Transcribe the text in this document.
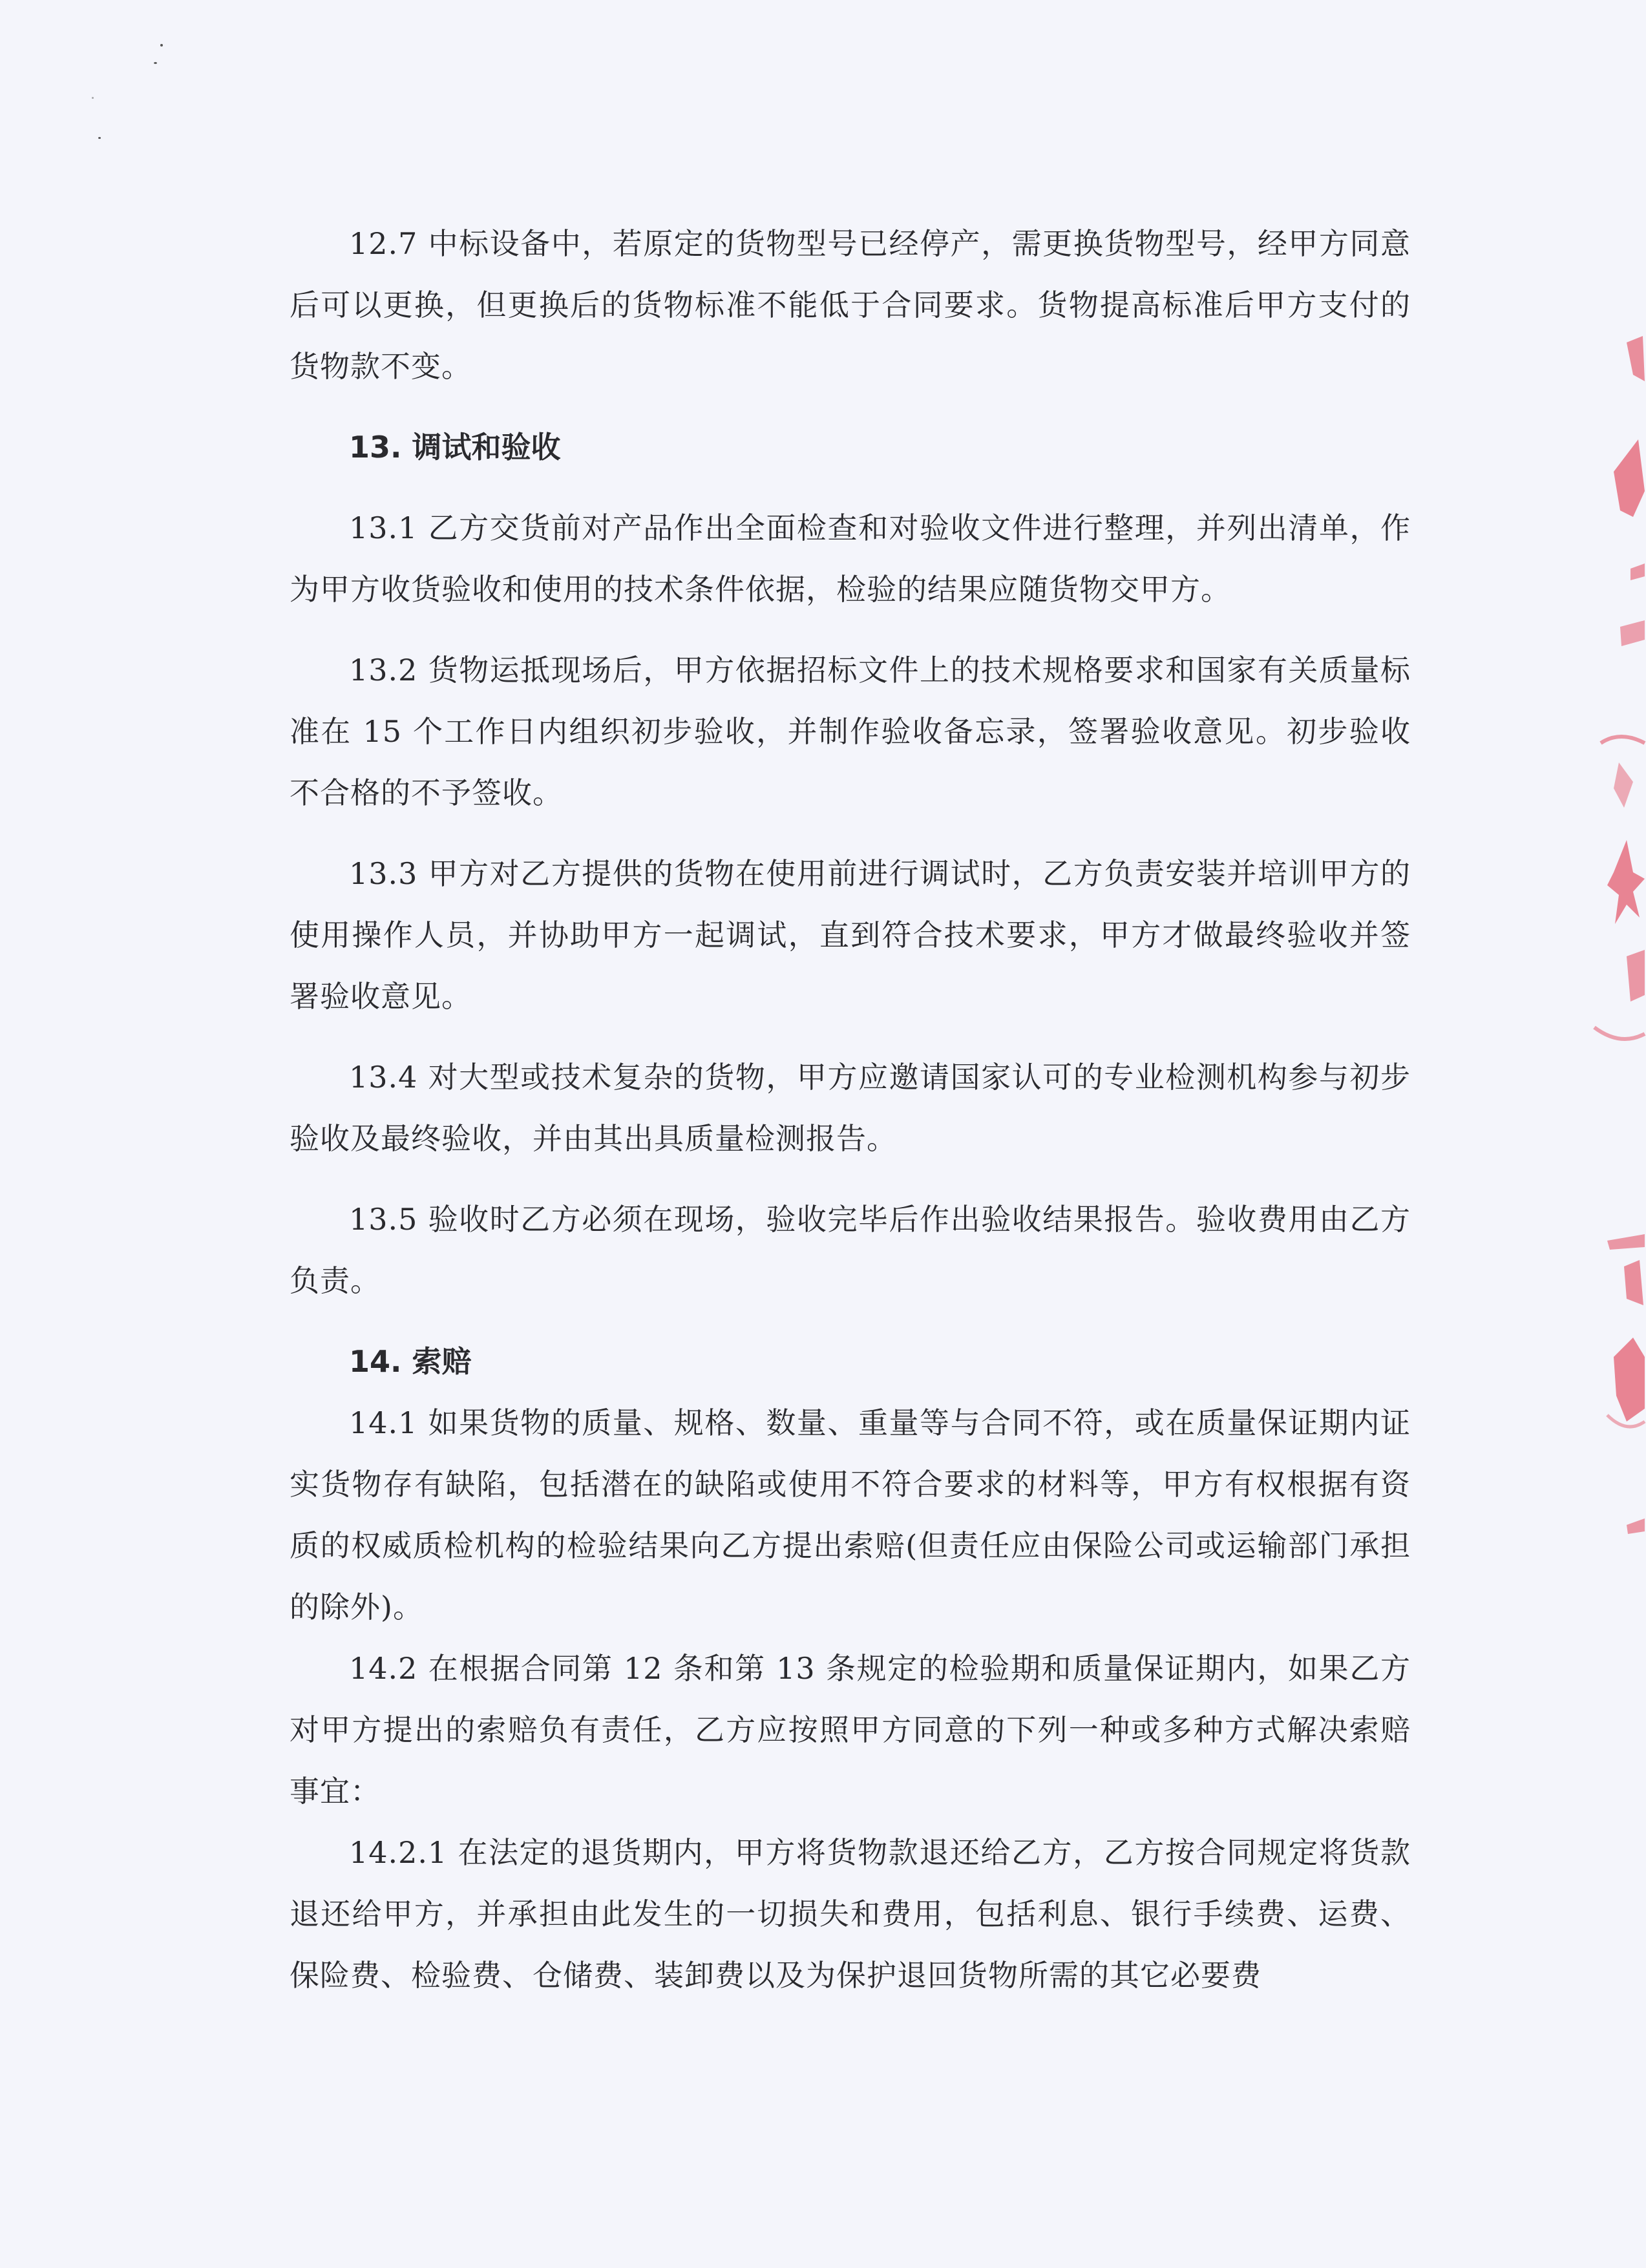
12.7 中标设备中，若原定的货物型号已经停产，需更换货物型号，经甲方同意后可以更换，但更换后的货物标准不能低于合同要求。货物提高标准后甲方支付的货物款不变。

13. 调试和验收

13.1 乙方交货前对产品作出全面检查和对验收文件进行整理，并列出清单，作为甲方收货验收和使用的技术条件依据，检验的结果应随货物交甲方。

13.2 货物运抵现场后，甲方依据招标文件上的技术规格要求和国家有关质量标准在 15 个工作日内组织初步验收，并制作验收备忘录，签署验收意见。初步验收不合格的不予签收。

13.3 甲方对乙方提供的货物在使用前进行调试时，乙方负责安装并培训甲方的使用操作人员，并协助甲方一起调试，直到符合技术要求，甲方才做最终验收并签署验收意见。

13.4 对大型或技术复杂的货物，甲方应邀请国家认可的专业检测机构参与初步验收及最终验收，并由其出具质量检测报告。

13.5 验收时乙方必须在现场，验收完毕后作出验收结果报告。验收费用由乙方负责。

14. 索赔

14.1 如果货物的质量、规格、数量、重量等与合同不符，或在质量保证期内证实货物存有缺陷，包括潜在的缺陷或使用不符合要求的材料等，甲方有权根据有资质的权威质检机构的检验结果向乙方提出索赔(但责任应由保险公司或运输部门承担的除外)。

14.2 在根据合同第 12 条和第 13 条规定的检验期和质量保证期内，如果乙方对甲方提出的索赔负有责任，乙方应按照甲方同意的下列一种或多种方式解决索赔事宜：

14.2.1 在法定的退货期内，甲方将货物款退还给乙方，乙方按合同规定将货款退还给甲方，并承担由此发生的一切损失和费用，包括利息、银行手续费、运费、保险费、检验费、仓储费、装卸费以及为保护退回货物所需的其它必要费
